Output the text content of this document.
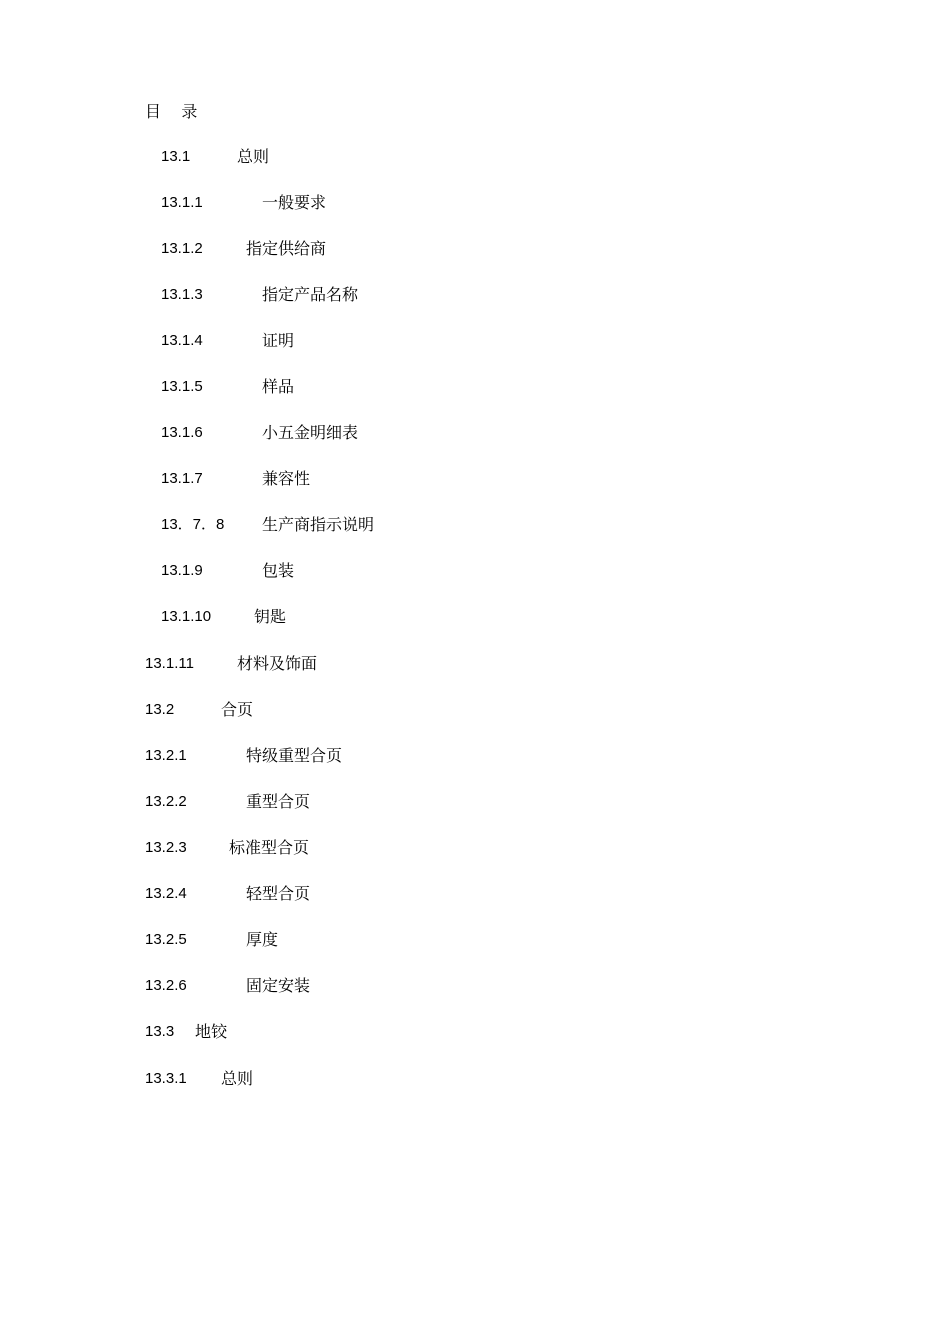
目    录
13.1	总则
13.1.1	一般要求
13.1.2	指定供给商
13.1.3	指定产品名称
13.1.4	证明
13.1.5	样品
13.1.6	小五金明细表
13.1.7	兼容性
13．7．8 生产商指示说明
13.1.9	包装
13.1.10	钥匙
13.1.11	材料及饰面
13.2	合页
13.2.1	特级重型合页
13.2.2	重型合页
13.2.3	标准型合页
13.2.4	轻型合页
13.2.5	厚度
13.2.6	固定安装
13.3 地铰
13.3.1 总则
